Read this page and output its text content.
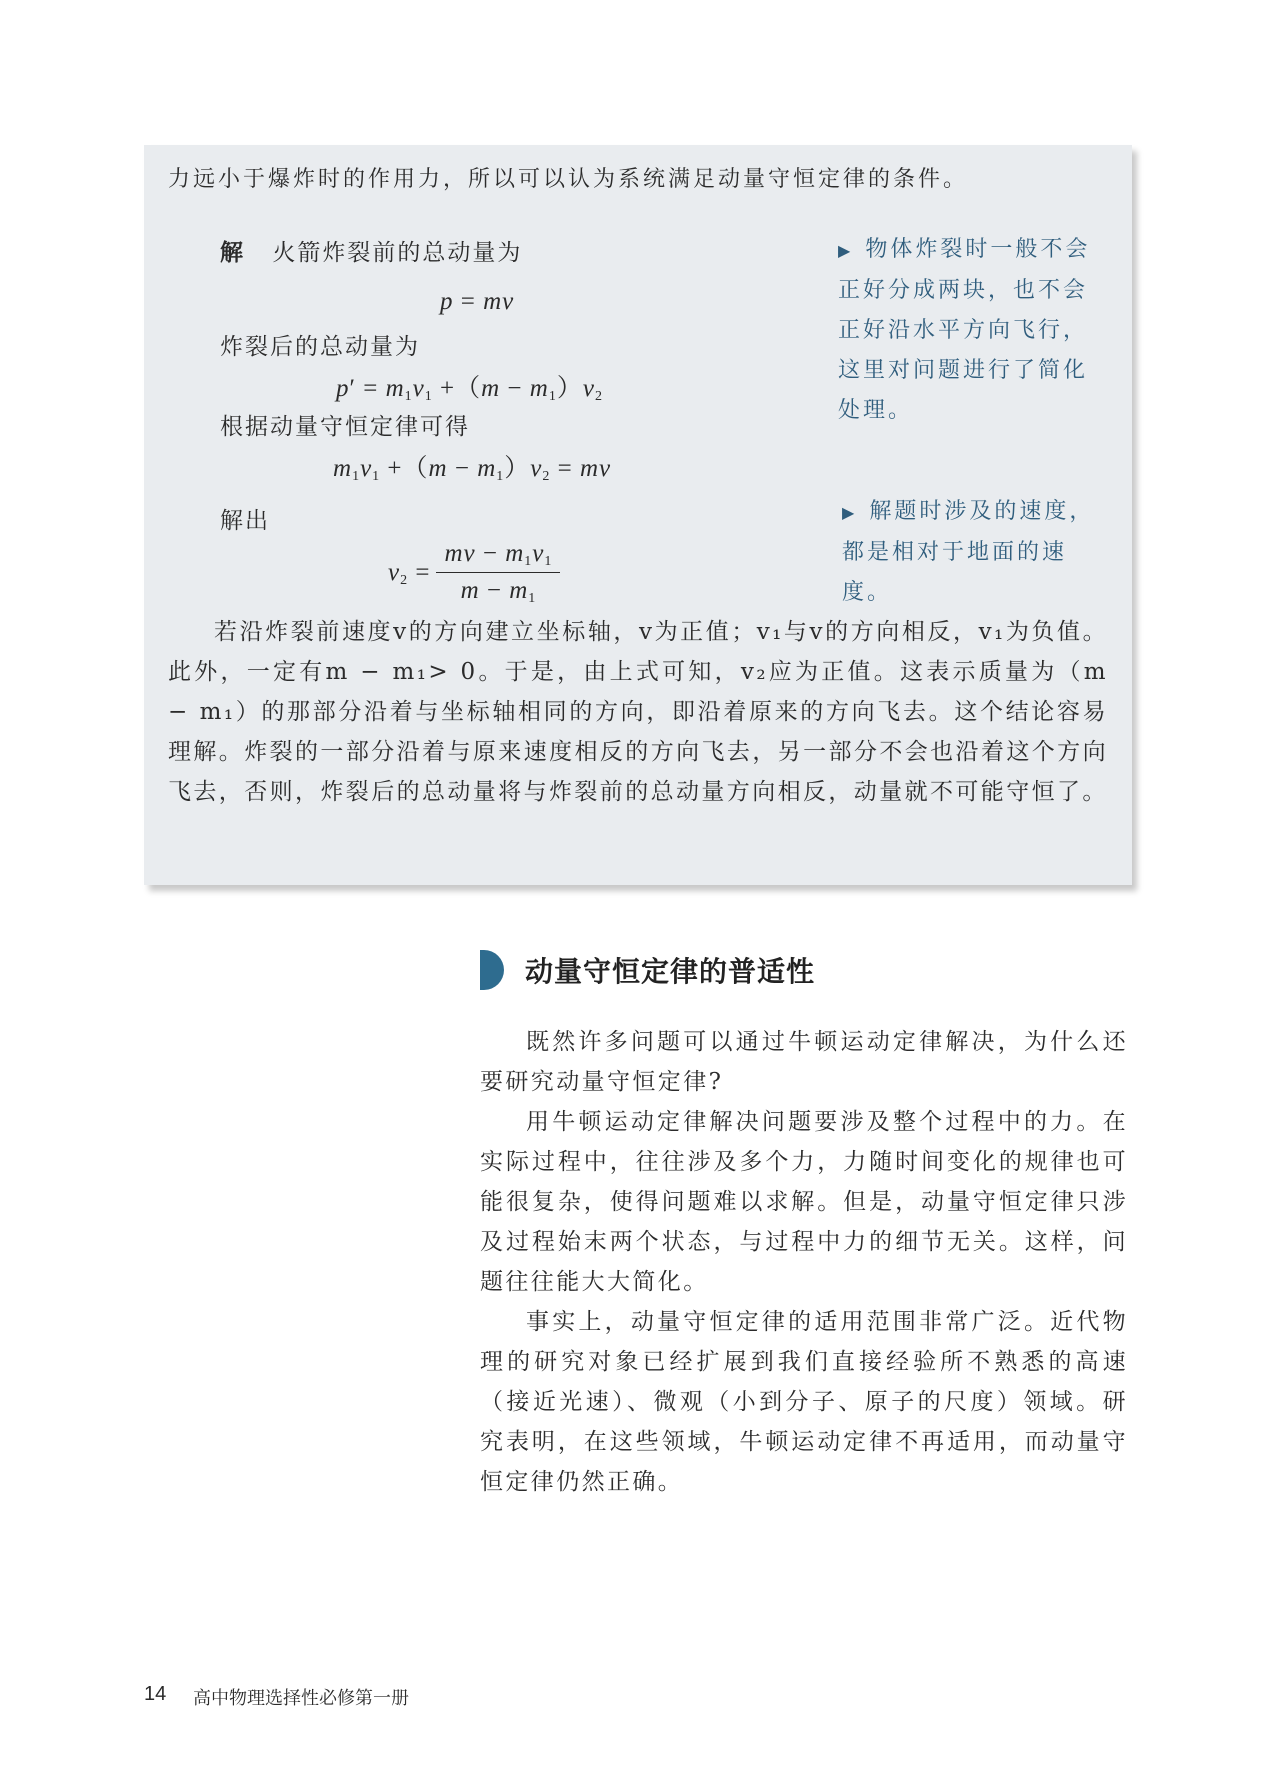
力远小于爆炸时的作用力，所以可以认为系统满足动量守恒定律的条件。
解 火箭炸裂前的总动量为
p = mv
炸裂后的总动量为
$p' = m_1v_1 +(m - m_1)v_2$
根据动量守恒定律可得
$m_1v_1 +(m - m_1)v_2$ = mv
解出
$v_2 = \frac{mv - m_1v_1}{m - m_1}$
▶ 物体炸裂时一般不会正好分成两块，也不会正好沿水平方向飞行，这里对问题进行了简化处理。
▶ 解题时涉及的速度，都是相对于地面的速度。
若沿炸裂前速度v的方向建立坐标轴，v为正值；v₁与v的方向相反，v₁为负值。此外，一定有m − m₁> 0。于是，由上式可知，v₂应为正值。这表示质量为（m − m₁）的那部分沿着与坐标轴相同的方向，即沿着原来的方向飞去。这个结论容易理解。炸裂的一部分沿着与原来速度相反的方向飞去，另一部分不会也沿着这个方向飞去，否则，炸裂后的总动量将与炸裂前的总动量方向相反，动量就不可能守恒了。
动量守恒定律的普适性
既然许多问题可以通过牛顿运动定律解决，为什么还要研究动量守恒定律?
用牛顿运动定律解决问题要涉及整个过程中的力。在实际过程中，往往涉及多个力，力随时间变化的规律也可能很复杂，使得问题难以求解。但是，动量守恒定律只涉及过程始末两个状态，与过程中力的细节无关。这样，问题往往能大大简化。
事实上，动量守恒定律的适用范围非常广泛。近代物理的研究对象已经扩展到我们直接经验所不熟悉的高速（接近光速）、微观（小到分子、原子的尺度）领域。研究表明，在这些领域，牛顿运动定律不再适用，而动量守恒定律仍然正确。
14 高中物理选择性必修第一册
